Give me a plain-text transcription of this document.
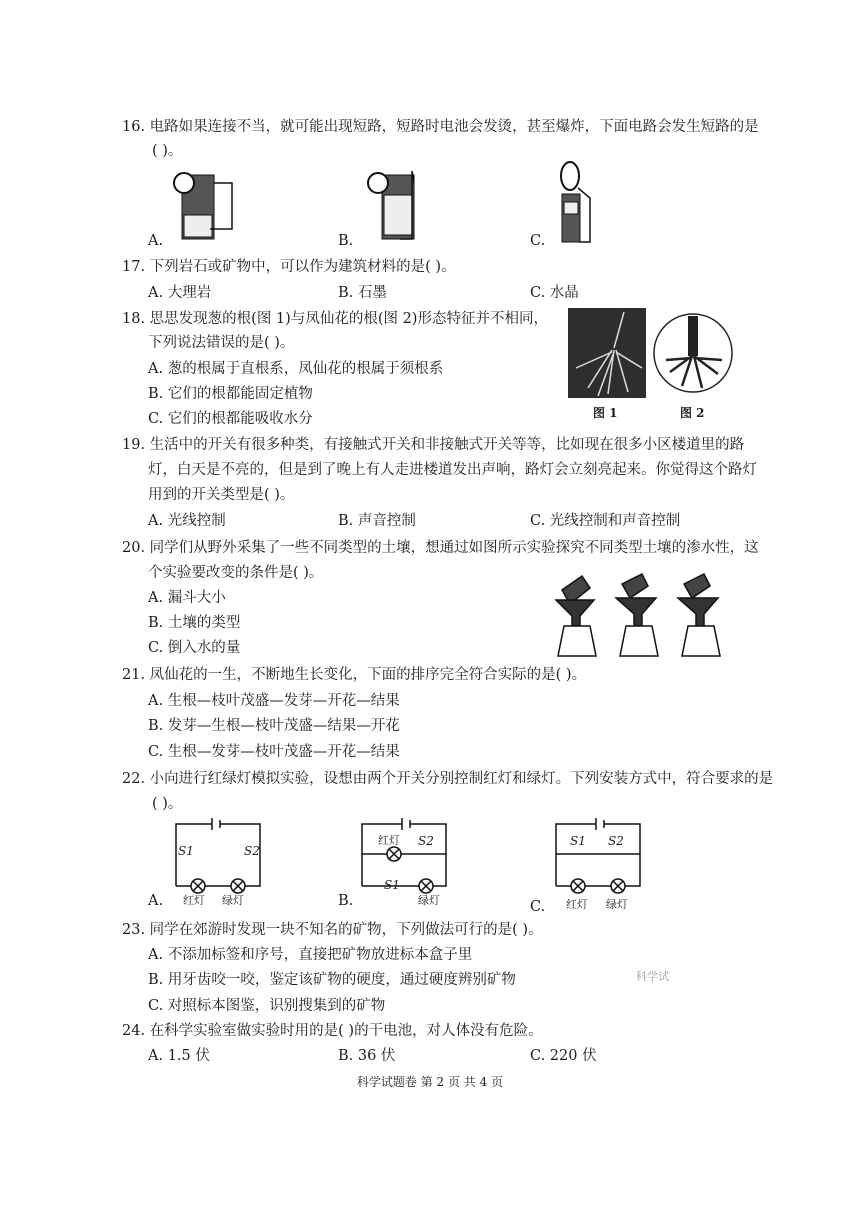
16. 电路如果连接不当，就可能出现短路，短路时电池会发烫，甚至爆炸，下面电路会发生短路的是
( )。
A.	B.	C.
17. 下列岩石或矿物中，可以作为建筑材料的是( )。
A. 大理岩	B. 石墨	C. 水晶
18. 思思发现葱的根(图 1)与凤仙花的根(图 2)形态特征并不相同，
下列说法错误的是( )。
A. 葱的根属于直根系，凤仙花的根属于须根系
B. 它们的根都能固定植物
C. 它们的根都能吸收水分	图 1	图 2
19. 生活中的开关有很多种类，有接触式开关和非接触式开关等等，比如现在很多小区楼道里的路
灯，白天是不亮的，但是到了晚上有人走进楼道发出声响，路灯会立刻亮起来。你觉得这个路灯
用到的开关类型是( )。
A. 光线控制	B. 声音控制	C. 光线控制和声音控制
20. 同学们从野外采集了一些不同类型的土壤，想通过如图所示实验探究不同类型土壤的渗水性，这
个实验要改变的条件是( )。
A. 漏斗大小
B. 土壤的类型
C. 倒入水的量
21. 凤仙花的一生，不断地生长变化，下面的排序完全符合实际的是( )。
A. 生根—枝叶茂盛—发芽—开花—结果
B. 发芽—生根—枝叶茂盛—结果—开花
C. 生根—发芽—枝叶茂盛—开花—结果
22. 小向进行红绿灯模拟实验，设想由两个开关分别控制红灯和绿灯。下列安装方式中，符合要求的是
( )。
红灯 绿灯
S1	S2
红灯
绿灯
S1
S2
红灯 绿灯
S1 S2
A.	B.	C.
23. 同学在郊游时发现一块不知名的矿物，下列做法可行的是( )。
A. 不添加标签和序号，直接把矿物放进标本盒子里
B. 用牙齿咬一咬，鉴定该矿物的硬度，通过硬度辨别矿物
C. 对照标本图鉴，识别搜集到的矿物
科学试
24. 在科学实验室做实验时用的是( )的干电池，对人体没有危险。
A. 1.5 伏	B. 36 伏	C. 220 伏
科学试题卷 第 2 页 共 4 页
